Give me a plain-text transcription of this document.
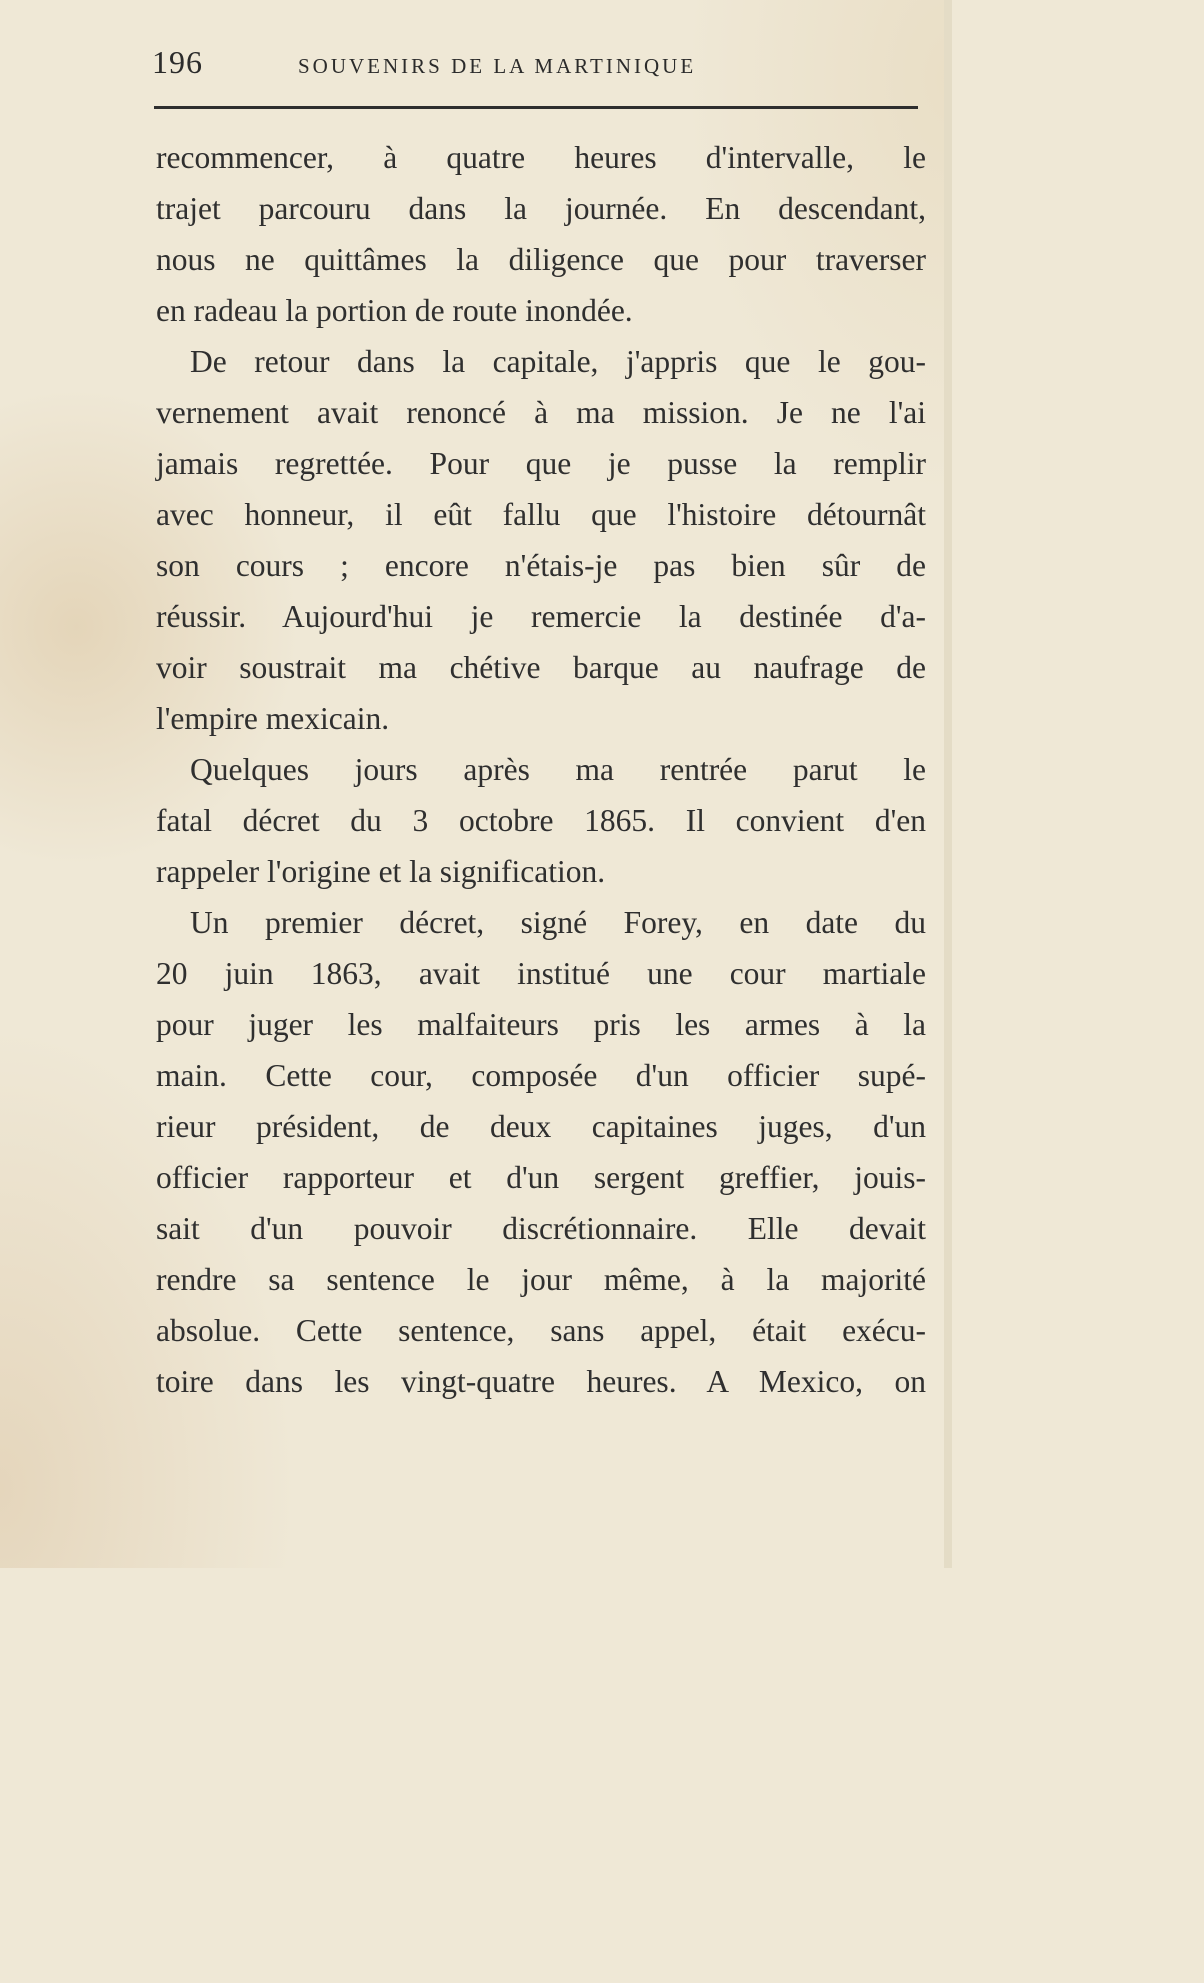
196	SOUVENIRS DE LA MARTINIQUE
recommencer, à quatre heures d'intervalle, le
trajet parcouru dans la journée. En descendant,
nous ne quittâmes la diligence que pour traverser
en radeau la portion de route inondée.
De retour dans la capitale, j'appris que le gou-
vernement avait renoncé à ma mission. Je ne l'ai
jamais regrettée. Pour que je pusse la remplir
avec honneur, il eût fallu que l'histoire détournât
son cours ; encore n'étais-je pas bien sûr de
réussir. Aujourd'hui je remercie la destinée d'a-
voir soustrait ma chétive barque au naufrage de
l'empire mexicain.
Quelques jours après ma rentrée parut le
fatal décret du 3 octobre 1865. Il convient d'en
rappeler l'origine et la signification.
Un premier décret, signé Forey, en date du
20 juin 1863, avait institué une cour martiale
pour juger les malfaiteurs pris les armes à la
main. Cette cour, composée d'un officier supé-
rieur président, de deux capitaines juges, d'un
officier rapporteur et d'un sergent greffier, jouis-
sait d'un pouvoir discrétionnaire. Elle devait
rendre sa sentence le jour même, à la majorité
absolue. Cette sentence, sans appel, était exécu-
toire dans les vingt-quatre heures. A Mexico, on
